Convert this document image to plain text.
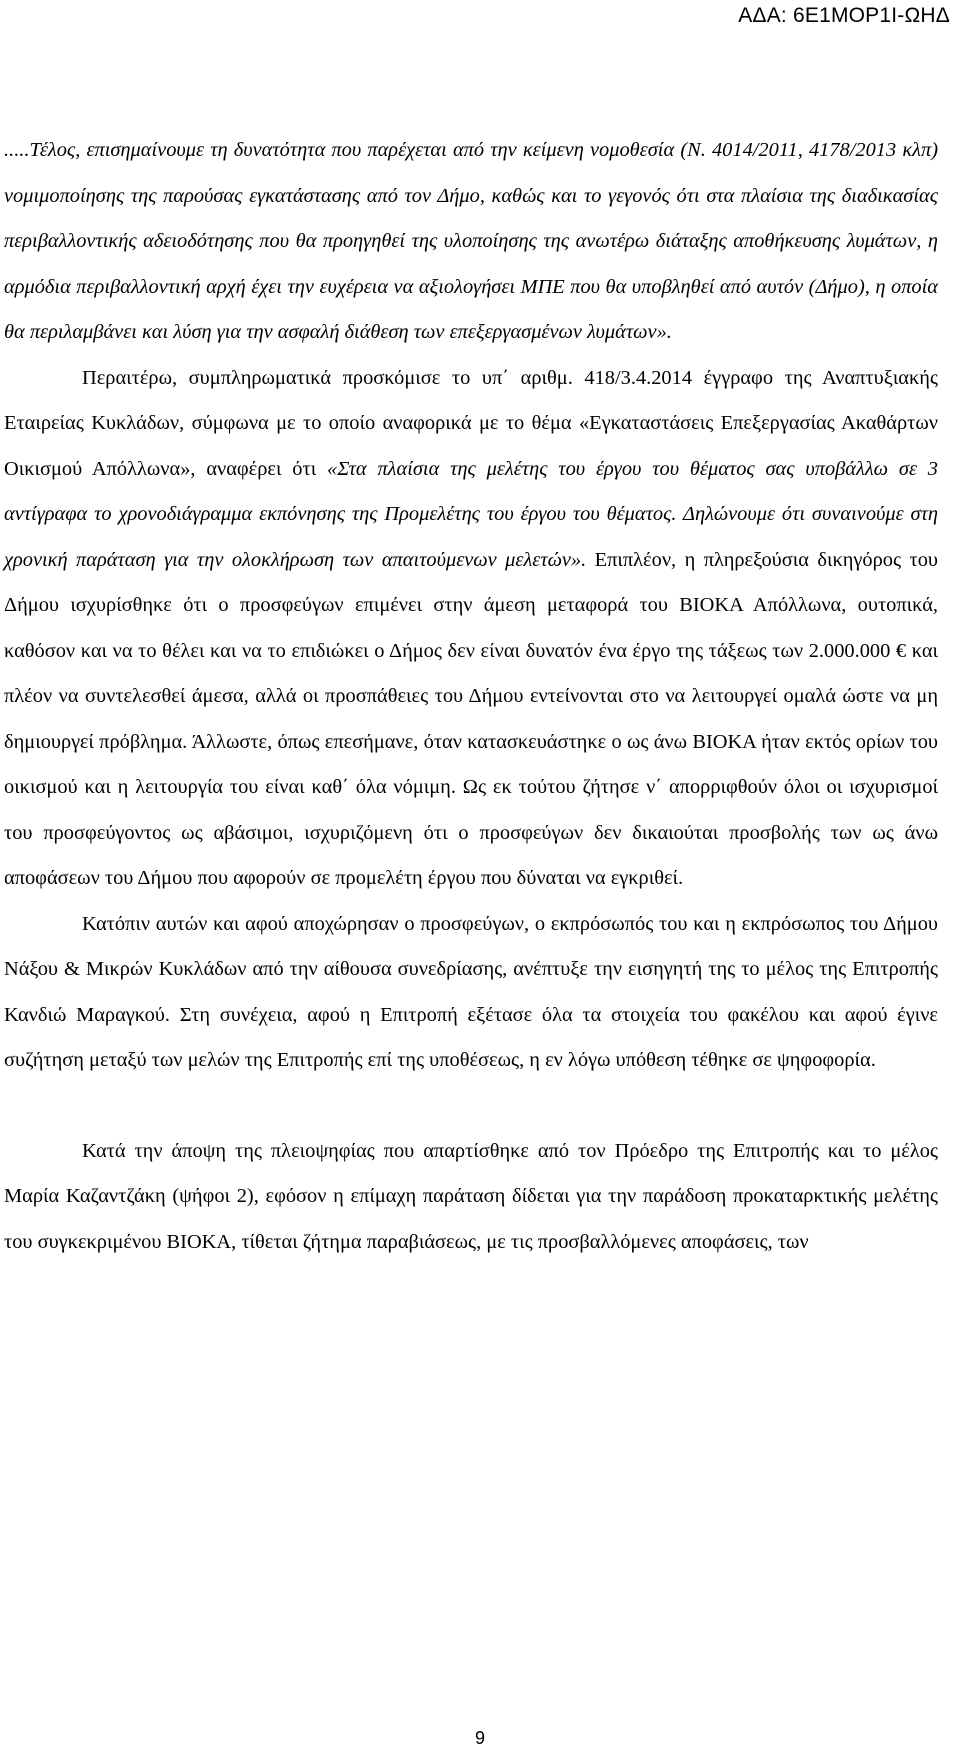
ΑΔΑ: 6Ε1ΜΟΡ1Ι-ΩΗΔ

.....Τέλος, επισημαίνουμε τη δυνατότητα που παρέχεται από την κείμενη νομοθεσία (Ν. 4014/2011, 4178/2013 κλπ) νομιμοποίησης της παρούσας εγκατάστασης από τον Δήμο, καθώς και το γεγονός ότι στα πλαίσια της διαδικασίας περιβαλλοντικής αδειοδότησης που θα προηγηθεί της υλοποίησης της ανωτέρω διάταξης αποθήκευσης λυμάτων, η αρμόδια περιβαλλοντική αρχή έχει την ευχέρεια να αξιολογήσει ΜΠΕ που θα υποβληθεί από αυτόν (Δήμο), η οποία θα περιλαμβάνει και λύση για την ασφαλή διάθεση των επεξεργασμένων λυμάτων».

Περαιτέρω, συμπληρωματικά προσκόμισε το υπ΄ αριθμ. 418/3.4.2014 έγγραφο της Αναπτυξιακής Εταιρείας Κυκλάδων, σύμφωνα με το οποίο αναφορικά με το θέμα «Εγκαταστάσεις Επεξεργασίας Ακαθάρτων Οικισμού Απόλλωνα», αναφέρει ότι «Στα πλαίσια της μελέτης του έργου του θέματος σας υποβάλλω σε 3 αντίγραφα το χρονοδιάγραμμα εκπόνησης της Προμελέτης του έργου του θέματος. Δηλώνουμε ότι συναινούμε στη χρονική παράταση για την ολοκλήρωση των απαιτούμενων μελετών». Επιπλέον, η πληρεξούσια δικηγόρος του Δήμου ισχυρίσθηκε ότι ο προσφεύγων επιμένει στην άμεση μεταφορά του ΒΙΟΚΑ Απόλλωνα, ουτοπικά, καθόσον και να το θέλει και να το επιδιώκει ο Δήμος δεν είναι δυνατόν ένα έργο της τάξεως των 2.000.000 € και πλέον να συντελεσθεί άμεσα, αλλά οι προσπάθειες του Δήμου εντείνονται στο να λειτουργεί ομαλά ώστε να μη δημιουργεί πρόβλημα. Άλλωστε, όπως επεσήμανε, όταν κατασκευάστηκε ο ως άνω ΒΙΟΚΑ ήταν εκτός ορίων του οικισμού και η λειτουργία του είναι καθ΄ όλα νόμιμη. Ως εκ τούτου ζήτησε ν΄ απορριφθούν όλοι οι ισχυρισμοί του προσφεύγοντος ως αβάσιμοι, ισχυριζόμενη ότι ο προσφεύγων δεν δικαιούται προσβολής των ως άνω αποφάσεων του Δήμου που αφορούν σε προμελέτη έργου που δύναται να εγκριθεί.

Κατόπιν αυτών και αφού αποχώρησαν ο προσφεύγων, ο εκπρόσωπός του και η εκπρόσωπος του Δήμου Νάξου & Μικρών Κυκλάδων από την αίθουσα συνεδρίασης, ανέπτυξε την εισηγητή της το μέλος της Επιτροπής Κανδιώ Μαραγκού. Στη συνέχεια, αφού η Επιτροπή εξέτασε όλα τα στοιχεία του φακέλου και αφού έγινε συζήτηση μεταξύ των μελών της Επιτροπής επί της υποθέσεως, η εν λόγω υπόθεση τέθηκε σε ψηφοφορία.

Κατά την άποψη της πλειοψηφίας που απαρτίσθηκε από τον Πρόεδρο της Επιτροπής και το μέλος Μαρία Καζαντζάκη (ψήφοι 2), εφόσον η επίμαχη παράταση δίδεται για την παράδοση προκαταρκτικής μελέτης του συγκεκριμένου ΒΙΟΚΑ, τίθεται ζήτημα παραβιάσεως, με τις προσβαλλόμενες αποφάσεις, των

9
